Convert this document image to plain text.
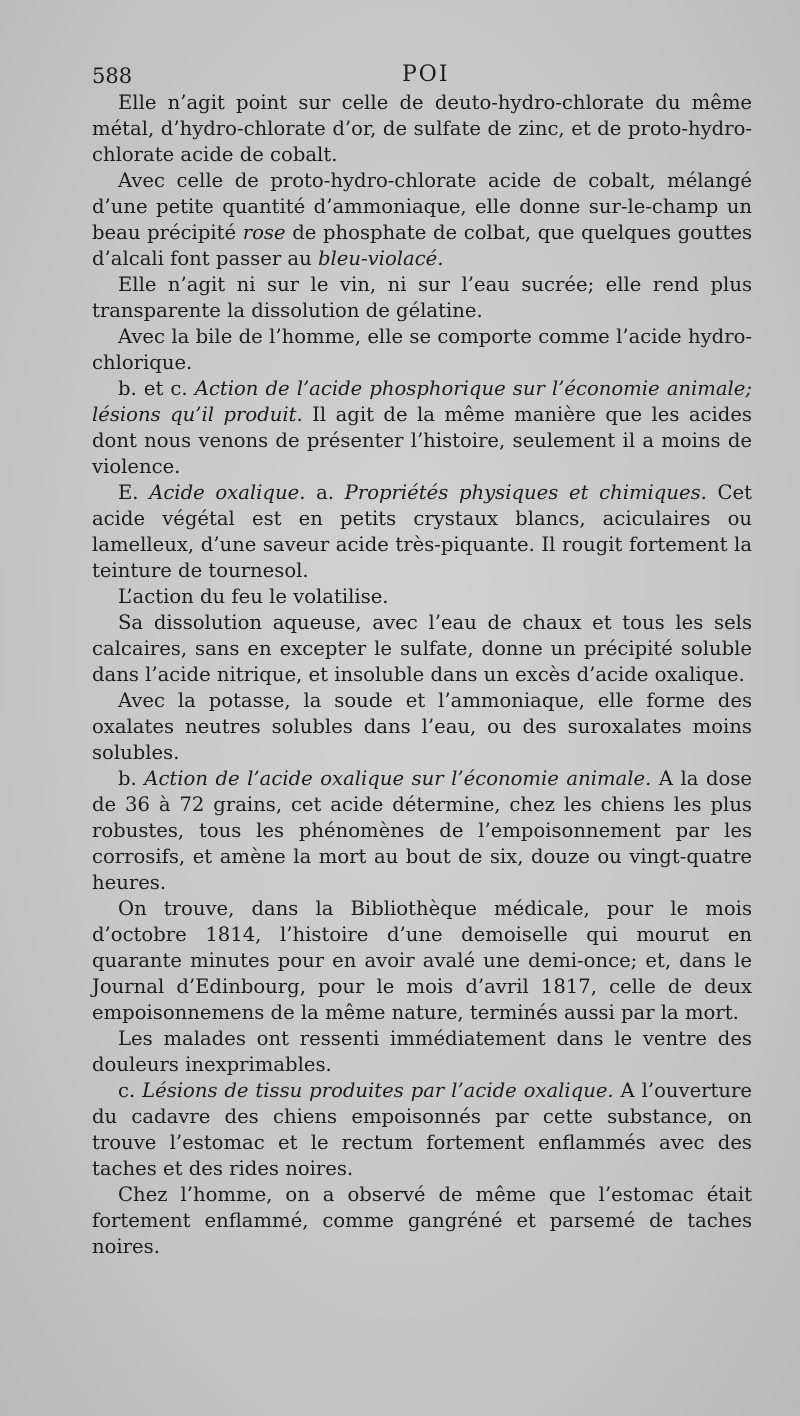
588	POI

Elle n’agit point sur celle de deuto-hydro-chlorate du même métal, d’hydro-chlorate d’or, de sulfate de zinc, et de proto-hydro-chlorate acide de cobalt.

Avec celle de proto-hydro-chlorate acide de cobalt, mélangé d’une petite quantité d’ammoniaque, elle donne sur-le-champ un beau précipité rose de phosphate de colbat, que quelques gouttes d’alcali font passer au bleu-violacé.

Elle n’agit ni sur le vin, ni sur l’eau sucrée; elle rend plus transparente la dissolution de gélatine.

Avec la bile de l’homme, elle se comporte comme l’acide hydro-chlorique.

b. et c. Action de l’acide phosphorique sur l’économie animale; lésions qu’il produit. Il agit de la même manière que les acides dont nous venons de présenter l’histoire, seulement il a moins de violence.

E. Acide oxalique. a. Propriétés physiques et chimiques. Cet acide végétal est en petits crystaux blancs, aciculaires ou lamelleux, d’une saveur acide très-piquante. Il rougit fortement la teinture de tournesol.

L’action du feu le volatilise.

Sa dissolution aqueuse, avec l’eau de chaux et tous les sels calcaires, sans en excepter le sulfate, donne un précipité soluble dans l’acide nitrique, et insoluble dans un excès d’acide oxalique.

Avec la potasse, la soude et l’ammoniaque, elle forme des oxalates neutres solubles dans l’eau, ou des suroxalates moins solubles.

b. Action de l’acide oxalique sur l’économie animale. A la dose de 36 à 72 grains, cet acide détermine, chez les chiens les plus robustes, tous les phénomènes de l’empoisonnement par les corrosifs, et amène la mort au bout de six, douze ou vingt-quatre heures.

On trouve, dans la Bibliothèque médicale, pour le mois d’octobre 1814, l’histoire d’une demoiselle qui mourut en quarante minutes pour en avoir avalé une demi-once; et, dans le Journal d’Edinbourg, pour le mois d’avril 1817, celle de deux empoisonnemens de la même nature, terminés aussi par la mort.

Les malades ont ressenti immédiatement dans le ventre des douleurs inexprimables.

c. Lésions de tissu produites par l’acide oxalique. A l’ouverture du cadavre des chiens empoisonnés par cette substance, on trouve l’estomac et le rectum fortement enflammés avec des taches et des rides noires.

Chez l’homme, on a observé de même que l’estomac était fortement enflammé, comme gangréné et parsemé de taches noires.
